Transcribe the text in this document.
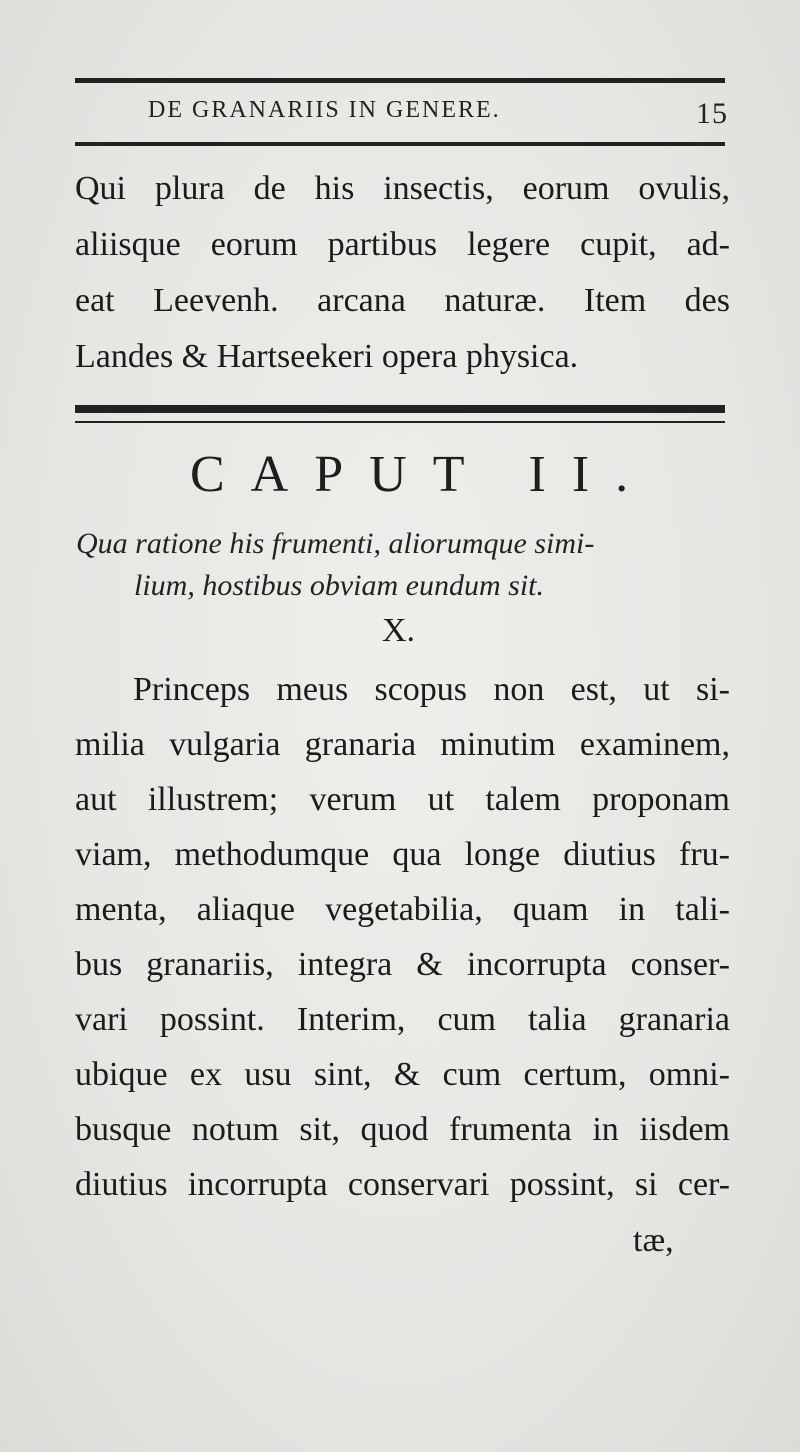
DE GRANARIIS IN GENERE.	15
Qui plura de his insectis, eorum ovulis,
aliisque eorum partibus legere cupit, ad-
eat Leevenh. arcana naturæ. Item des
Landes & Hartseekeri opera physica.
CAPUT II.
Qua ratione his frumenti, aliorumque simi-
lium, hostibus obviam eundum sit.
X.
Princeps meus scopus non est, ut si-
milia vulgaria granaria minutim examinem,
aut illustrem; verum ut talem proponam
viam, methodumque qua longe diutius fru-
menta, aliaque vegetabilia, quam in tali-
bus granariis, integra & incorrupta conser-
vari possint. Interim, cum talia granaria
ubique ex usu sint, & cum certum, omni-
busque notum sit, quod frumenta in iisdem
diutius incorrupta conservari possint, si cer-
tæ,
